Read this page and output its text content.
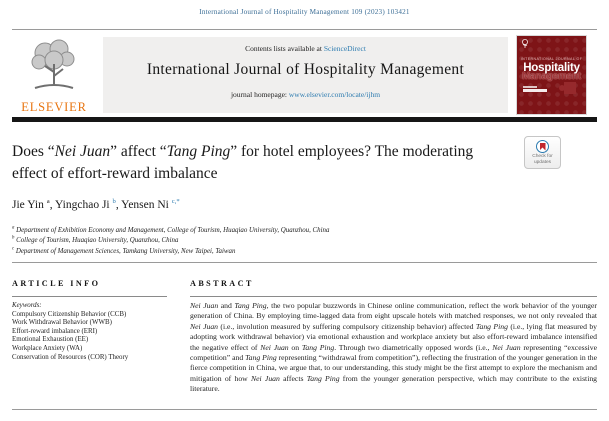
International Journal of Hospitality Management 109 (2023) 103421
ELSEVIER
Contents lists available at ScienceDirect
International Journal of Hospitality Management
journal homepage: www.elsevier.com/locate/ijhm
INTERNATIONAL JOURNAL OF
Hospitality
Management
Does “Nei Juan” affect “Tang Ping” for hotel employees? The moderating effect of effort-reward imbalance
Check for updates
Jie Yin $^a$, Yingchao Ji $^b$, Yensen Ni $^{c,*}$
$^a$ Department of Exhibition Economy and Management, College of Tourism, Huaqiao University, Quanzhou, China
$^b$ College of Tourism, Huaqiao University, Quanzhou, China
$^c$ Department of Management Sciences, Tamkang University, New Taipei, Taiwan
ARTICLE INFO	ABSTRACT
Keywords:
Compulsory Citizenship Behavior (CCB)
Work Withdrawal Behavior (WWB)
Effort-reward imbalance (ERI)
Emotional Exhaustion (EE)
Workplace Anxiety (WA)
Conservation of Resources (COR) Theory
Nei Juan and Tang Ping, the two popular buzzwords in Chinese online communication, reflect the work behavior of the younger generation of China. By employing time-lagged data from eight upscale hotels with matched responses, we not only revealed that Nei Juan (i.e., involution measured by suffering compulsory citizenship behavior) affected Tang Ping (i.e., lying flat measured by adopting work withdrawal behavior) via emotional exhaustion and workplace anxiety but also effort-reward imbalance intensified the negative effect of Nei Juan on Tang Ping. Through two diametrically opposed words (i.e., Nei Juan representing “excessive competition” and Tang Ping representing “withdrawal from competition”), reflecting the frustration of the younger generation in the fierce competition in China, we argue that, to our understanding, this study might be the first attempt to explore the mechanism and mitigation of how Nei Juan affects Tang Ping from the younger generation perspective, which may contribute to the existing literature.
